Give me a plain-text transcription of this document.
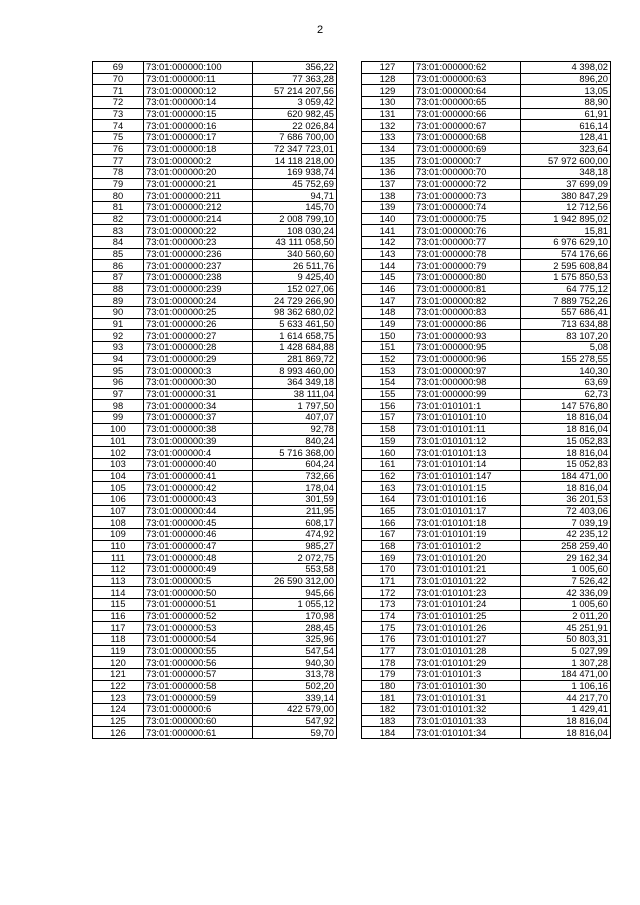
2
69	73:01:000000:100	356,22
70	73:01:000000:11	77 363,28
71	73:01:000000:12	57 214 207,56
72	73:01:000000:14	3 059,42
73	73:01:000000:15	620 982,45
74	73:01:000000:16	22 026,84
75	73:01:000000:17	7 686 700,00
76	73:01:000000:18	72 347 723,01
77	73:01:000000:2	14 118 218,00
78	73:01:000000:20	169 938,74
79	73:01:000000:21	45 752,69
80	73:01:000000:211	94,71
81	73:01:000000:212	145,70
82	73:01:000000:214	2 008 799,10
83	73:01:000000:22	108 030,24
84	73:01:000000:23	43 111 058,50
85	73:01:000000:236	340 560,60
86	73:01:000000:237	26 511,76
87	73:01:000000:238	9 425,40
88	73:01:000000:239	152 027,06
89	73:01:000000:24	24 729 266,90
90	73:01:000000:25	98 362 680,02
91	73:01:000000:26	5 633 461,50
92	73:01:000000:27	1 614 658,75
93	73:01:000000:28	1 428 684,88
94	73:01:000000:29	281 869,72
95	73:01:000000:3	8 993 460,00
96	73:01:000000:30	364 349,18
97	73:01:000000:31	38 111,04
98	73:01:000000:34	1 797,50
99	73:01:000000:37	407,07
100	73:01:000000:38	92,78
101	73:01:000000:39	840,24
102	73:01:000000:4	5 716 368,00
103	73:01:000000:40	604,24
104	73:01:000000:41	732,66
105	73:01:000000:42	178,04
106	73:01:000000:43	301,59
107	73:01:000000:44	211,95
108	73:01:000000:45	608,17
109	73:01:000000:46	474,92
110	73:01:000000:47	985,27
111	73:01:000000:48	2 072,75
112	73:01:000000:49	553,58
113	73:01:000000:5	26 590 312,00
114	73:01:000000:50	945,66
115	73:01:000000:51	1 055,12
116	73:01:000000:52	170,98
117	73:01:000000:53	288,45
118	73:01:000000:54	325,96
119	73:01:000000:55	547,54
120	73:01:000000:56	940,30
121	73:01:000000:57	313,78
122	73:01:000000:58	502,20
123	73:01:000000:59	339,14
124	73:01:000000:6	422 579,00
125	73:01:000000:60	547,92
126	73:01:000000:61	59,70
127	73:01:000000:62	4 398,02
128	73:01:000000:63	896,20
129	73:01:000000:64	13,05
130	73:01:000000:65	88,90
131	73:01:000000:66	61,91
132	73:01:000000:67	616,14
133	73:01:000000:68	128,41
134	73:01:000000:69	323,64
135	73:01:000000:7	57 972 600,00
136	73:01:000000:70	348,18
137	73:01:000000:72	37 699,09
138	73:01:000000:73	380 847,29
139	73:01:000000:74	12 712,56
140	73:01:000000:75	1 942 895,02
141	73:01:000000:76	15,81
142	73:01:000000:77	6 976 629,10
143	73:01:000000:78	574 176,66
144	73:01:000000:79	2 595 608,84
145	73:01:000000:80	1 575 850,53
146	73:01:000000:81	64 775,12
147	73:01:000000:82	7 889 752,26
148	73:01:000000:83	557 686,41
149	73:01:000000:86	713 634,88
150	73:01:000000:93	83 107,20
151	73:01:000000:95	5,08
152	73:01:000000:96	155 278,55
153	73:01:000000:97	140,30
154	73:01:000000:98	63,69
155	73:01:000000:99	62,73
156	73:01:010101:1	147 576,80
157	73:01:010101:10	18 816,04
158	73:01:010101:11	18 816,04
159	73:01:010101:12	15 052,83
160	73:01:010101:13	18 816,04
161	73:01:010101:14	15 052,83
162	73:01:010101:147	184 471,00
163	73:01:010101:15	18 816,04
164	73:01:010101:16	36 201,53
165	73:01:010101:17	72 403,06
166	73:01:010101:18	7 039,19
167	73:01:010101:19	42 235,12
168	73:01:010101:2	258 259,40
169	73:01:010101:20	29 162,34
170	73:01:010101:21	1 005,60
171	73:01:010101:22	7 526,42
172	73:01:010101:23	42 336,09
173	73:01:010101:24	1 005,60
174	73:01:010101:25	2 011,20
175	73:01:010101:26	45 251,91
176	73:01:010101:27	50 803,31
177	73:01:010101:28	5 027,99
178	73:01:010101:29	1 307,28
179	73:01:010101:3	184 471,00
180	73:01:010101:30	1 106,16
181	73:01:010101:31	44 217,70
182	73:01:010101:32	1 429,41
183	73:01:010101:33	18 816,04
184	73:01:010101:34	18 816,04
